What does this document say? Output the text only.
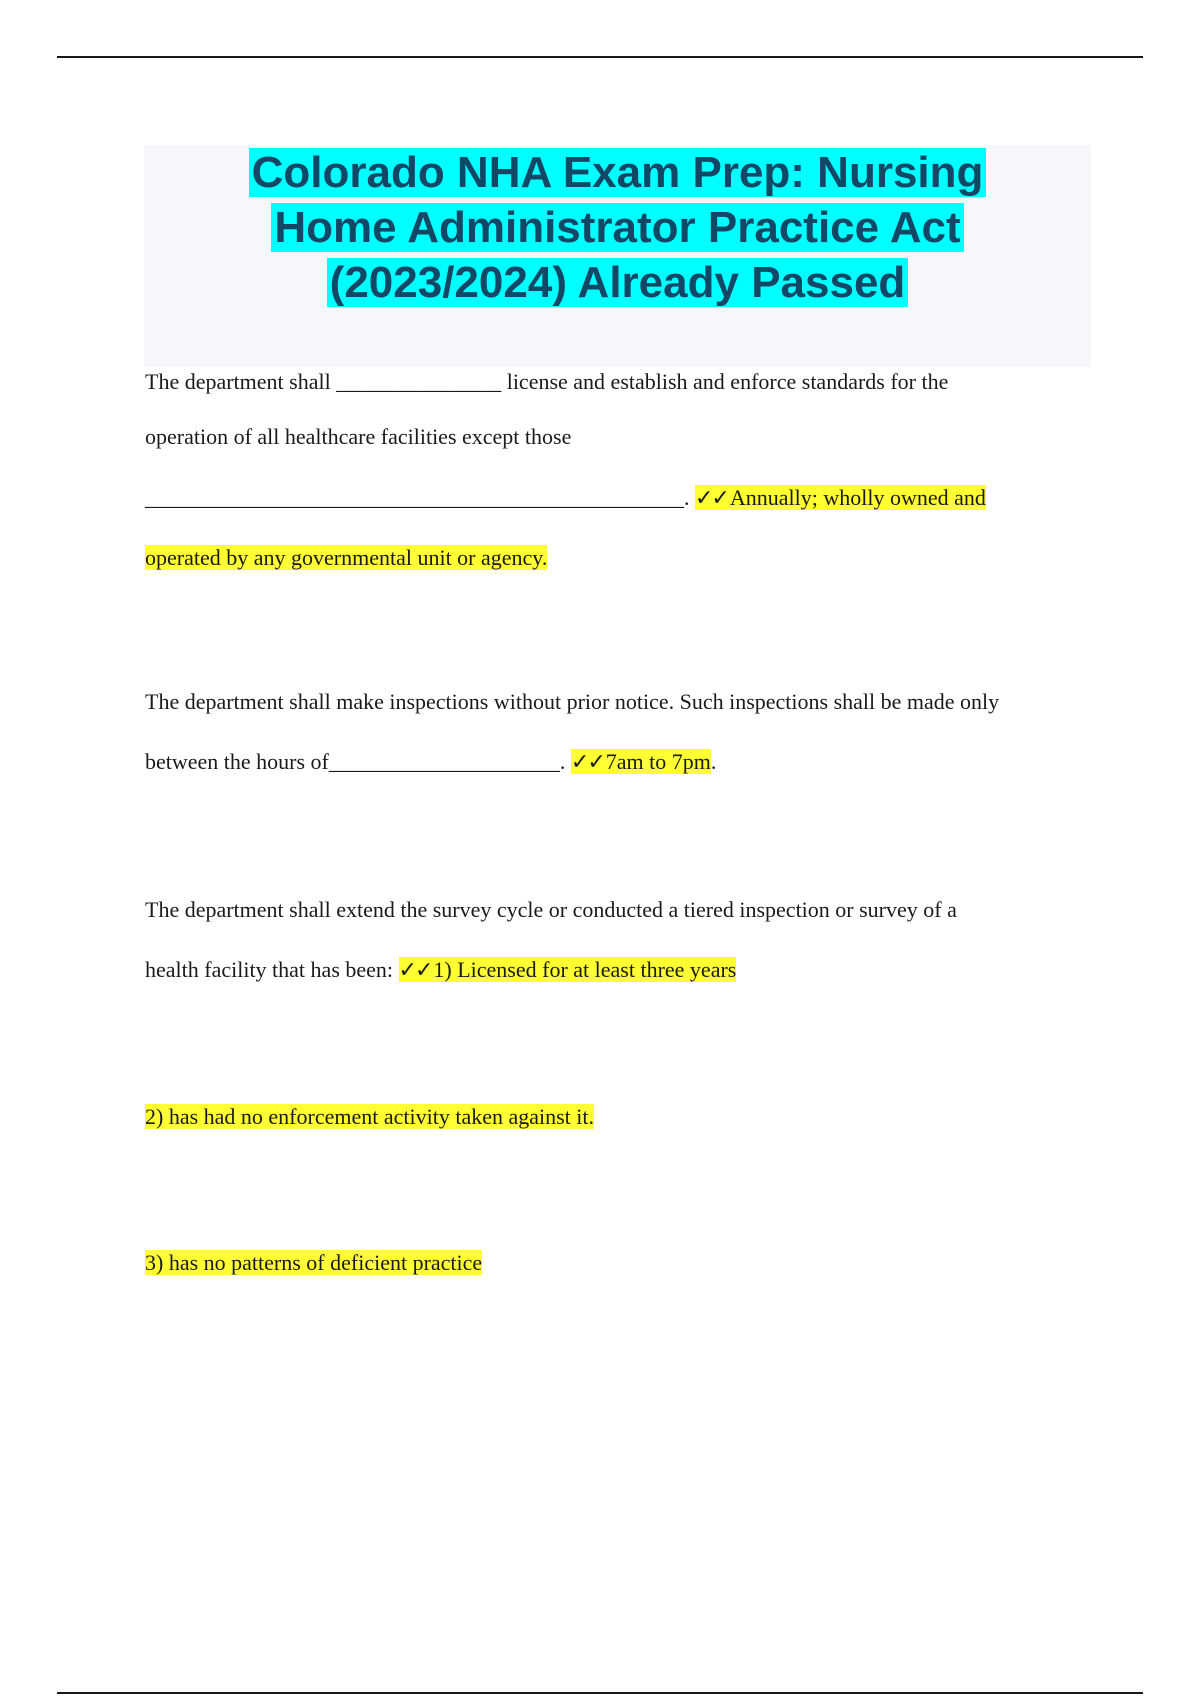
Colorado NHA Exam Prep: Nursing
Home Administrator Practice Act
(2023/2024) Already Passed
The department shall _______________ license and establish and enforce standards for the
operation of all healthcare facilities except those
_________________________________________________. ✓✓Annually; wholly owned and
operated by any governmental unit or agency.
The department shall make inspections without prior notice. Such inspections shall be made only
between the hours of_____________________. ✓✓7am to 7pm.
The department shall extend the survey cycle or conducted a tiered inspection or survey of a
health facility that has been: ✓✓1) Licensed for at least three years
2) has had no enforcement activity taken against it.
3) has no patterns of deficient practice
